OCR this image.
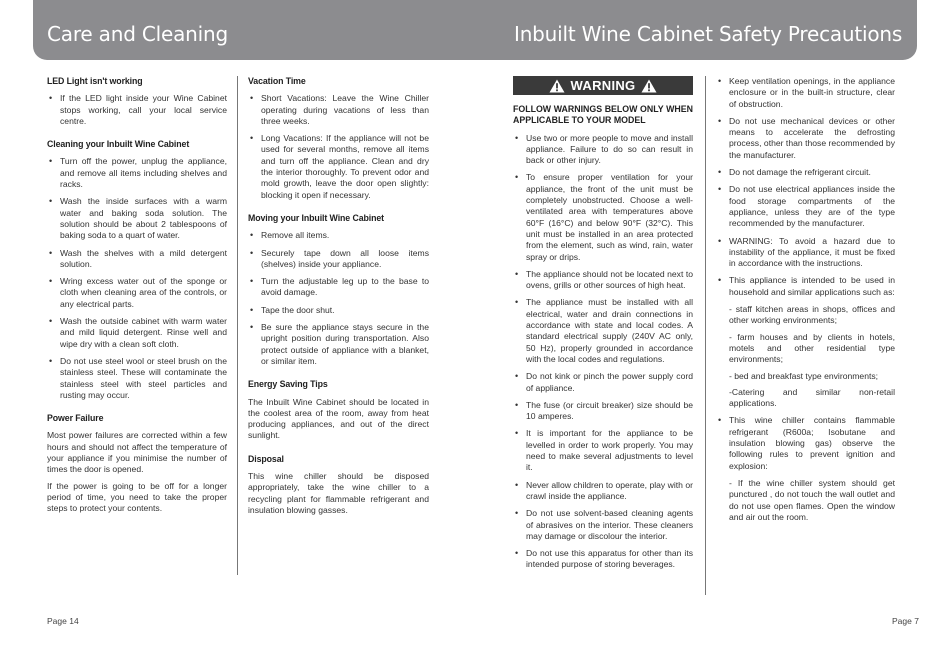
Care and Cleaning	Inbuilt Wine Cabinet Safety Precautions
LED Light isn't working
• If the LED light inside your Wine Cabinet stops working, call your local service centre.
Cleaning your Inbuilt Wine Cabinet
• Turn off the power, unplug the appliance, and remove all items including shelves and racks.
• Wash the inside surfaces with a warm water and baking soda solution. The solution should be about 2 tablespoons of baking soda to a quart of water.
• Wash the shelves with a mild detergent solution.
• Wring excess water out of the sponge or cloth when cleaning area of the controls, or any electrical parts.
• Wash the outside cabinet with warm water and mild liquid detergent. Rinse well and wipe dry with a clean soft cloth.
• Do not use steel wool or steel brush on the stainless steel. These will contaminate the stainless steel with steel particles and rusting may occur.
Power Failure

Most power failures are corrected within a few hours and should not affect the temperature of your appliance if you minimise the number of times the door is opened.

If the power is going to be off for a longer period of time, you need to take the proper steps to protect your contents.

Vacation Time
• Short Vacations: Leave the Wine Chiller operating during vacations of less than three weeks.
• Long Vacations: If the appliance will not be used for several months, remove all items and turn off the appliance. Clean and dry the interior thoroughly. To prevent odor and mold growth, leave the door open slightly: blocking it open if necessary.
Moving your Inbuilt Wine Cabinet
• Remove all items.
• Securely tape down all loose items (shelves) inside your appliance.
• Turn the adjustable leg up to the base to avoid damage.
• Tape the door shut.
• Be sure the appliance stays secure in the upright position during transportation. Also protect outside of appliance with a blanket, or similar item.
Energy Saving Tips

The Inbuilt Wine Cabinet should be located in the coolest area of the room, away from heat producing appliances, and out of the direct sunlight.

Disposal

This wine chiller should be disposed appropriately, take the wine chiller to a recycling plant for flammable refrigerant and insulation blowing gasses.

WARNING

FOLLOW WARNINGS BELOW ONLY WHEN APPLICABLE TO YOUR MODEL

• Use two or more people to move and install appliance. Failure to do so can result in back or other injury.
• To ensure proper ventilation for your appliance, the front of the unit must be completely unobstructed. Choose a well-ventilated area with temperatures above 60°F (16°C) and below 90°F (32°C). This unit must be installed in an area protected from the element, such as wind, rain, water spray or drips.
• The appliance should not be located next to ovens, grills or other sources of high heat.
• The appliance must be installed with all electrical, water and drain connections in accordance with state and local codes. A standard electrical supply (240V AC only, 50 Hz), properly grounded in accordance with the local codes and regulations.
• Do not kink or pinch the power supply cord of appliance.
• The fuse (or circuit breaker) size should be 10 amperes.
• It is important for the appliance to be levelled in order to work properly. You may need to make several adjustments to level it.
• Never allow children to operate, play with or crawl inside the appliance.
• Do not use solvent-based cleaning agents of abrasives on the interior. These cleaners may damage or discolour the interior.
• Do not use this apparatus for other than its intended purpose of storing beverages.
• Keep ventilation openings, in the appliance enclosure or in the built-in structure, clear of obstruction.
• Do not use mechanical devices or other means to accelerate the defrosting process, other than those recommended by the manufacturer.
• Do not damage the refrigerant circuit.
• Do not use electrical appliances inside the food storage compartments of the appliance, unless they are of the type recommended by the manufacturer.
• WARNING: To avoid a hazard due to instability of the appliance, it must be fixed in accordance with the instructions.
• This appliance is intended to be used in household and similar applications such as:

- staff kitchen areas in shops, offices and other working environments;

- farm houses and by clients in hotels, motels and other residential type environments;

- bed and breakfast type environments;

-Catering and similar non-retail applications.

• This wine chiller contains flammable refrigerant (R600a; Isobutane and insulation blowing gas) observe the following rules to prevent ignition and explosion:

- If the wine chiller system should get punctured , do not touch the wall outlet and do not use open flames. Open the window and air out the room.

Page 14	Page 7
